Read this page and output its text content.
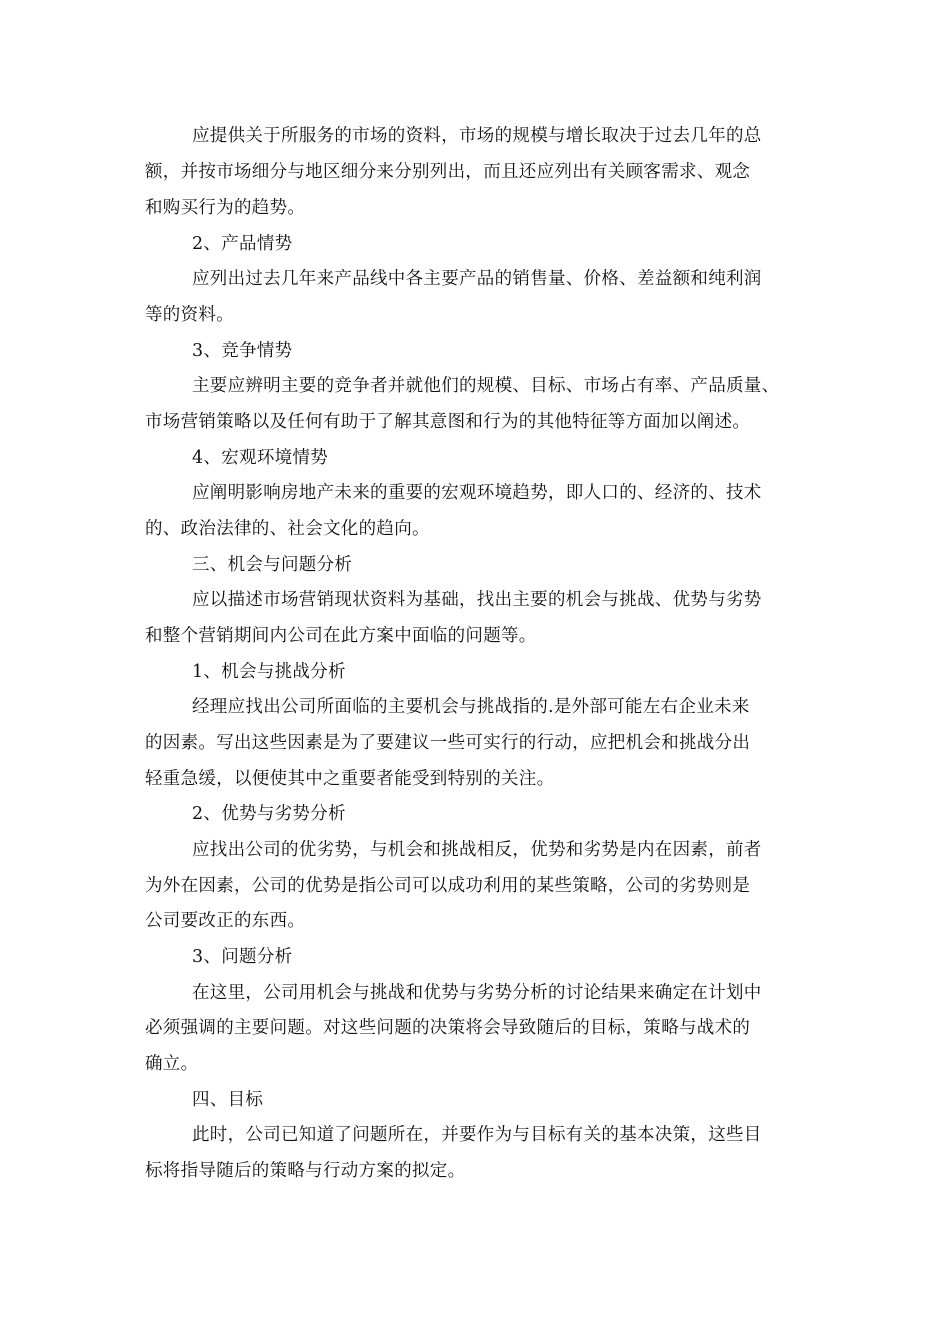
应提供关于所服务的市场的资料，市场的规模与增长取决于过去几年的总
额，并按市场细分与地区细分来分别列出，而且还应列出有关顾客需求、观念
和购买行为的趋势。
2、产品情势
应列出过去几年来产品线中各主要产品的销售量、价格、差益额和纯利润
等的资料。
3、竞争情势
主要应辨明主要的竞争者并就他们的规模、目标、市场占有率、产品质量、
市场营销策略以及任何有助于了解其意图和行为的其他特征等方面加以阐述。
4、宏观环境情势
应阐明影响房地产未来的重要的宏观环境趋势，即人口的、经济的、技术
的、政治法律的、社会文化的趋向。
三、机会与问题分析
应以描述市场营销现状资料为基础，找出主要的机会与挑战、优势与劣势
和整个营销期间内公司在此方案中面临的问题等。
1、机会与挑战分析
经理应找出公司所面临的主要机会与挑战指的.是外部可能左右企业未来
的因素。写出这些因素是为了要建议一些可实行的行动，应把机会和挑战分出
轻重急缓，以便使其中之重要者能受到特别的关注。
2、优势与劣势分析
应找出公司的优劣势，与机会和挑战相反，优势和劣势是内在因素，前者
为外在因素，公司的优势是指公司可以成功利用的某些策略，公司的劣势则是
公司要改正的东西。
3、问题分析
在这里，公司用机会与挑战和优势与劣势分析的讨论结果来确定在计划中
必须强调的主要问题。对这些问题的决策将会导致随后的目标，策略与战术的
确立。
四、目标
此时，公司已知道了问题所在，并要作为与目标有关的基本决策，这些目
标将指导随后的策略与行动方案的拟定。
